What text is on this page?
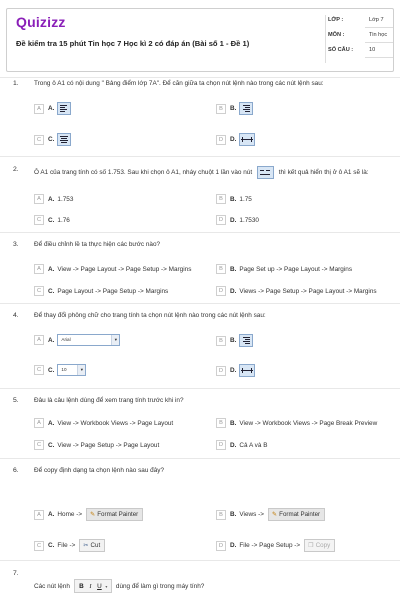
Quizizz
Đề kiểm tra 15 phút Tin học 7 Học kì 2 có đáp án (Bài số 1 - Đề 1)
LỚP :	Lớp 7
MÔN :	Tin học
SỐ CÂU :	10
1. Trong ô A1 có nội dung " Bảng điểm lớp 7A". Để căn giữa ta chọn nút lệnh nào trong các nút lệnh sau:
A	A.	B	B.
C	C.	D	D.
2. Ô A1 của trang tính có số 1.753. Sau khi chọn ô A1, nháy chuột 1 lần vào nút	thì kết quả hiển thị ở ô A1 sẽ là:
A	A. 1.753	B	B. 1.75
C	C. 1.76	D	D. 1.7530
3. Để điều chỉnh lề ta thực hiện các bước nào?
A	A. View -> Page Layout -> Page Setup -> Margins	B	B. Page Set up -> Page Layout -> Margins
C	C. Page Layout -> Page Setup -> Margins	D	D. Views -> Page Setup -> Page Layout -> Margins
4. Để thay đổi phông chữ cho trang tính ta chọn nút lệnh nào trong các nút lệnh sau:
A	A.	Arial	▼	B	B.
C	C.	10	▼	D	D.
5. Đâu là câu lệnh dùng để xem trang tính trước khi in?
A	A. View -> Workbook Views -> Page Layout	B	B. View -> Workbook Views -> Page Break Preview
C	C. View -> Page Setup -> Page Layout	D	D. Cả A và B
6. Để copy định dạng ta chọn lệnh nào sau đây?
A	A. Home ->	✎ Format Painter	B	B. Views ->	✎ Format Painter
C	C. File ->	✂ Cut	D	D. File -> Page Setup ->	❐ Copy
7.
Các nút lệnh	B I U ▾ dùng để làm gì trong máy tính?
